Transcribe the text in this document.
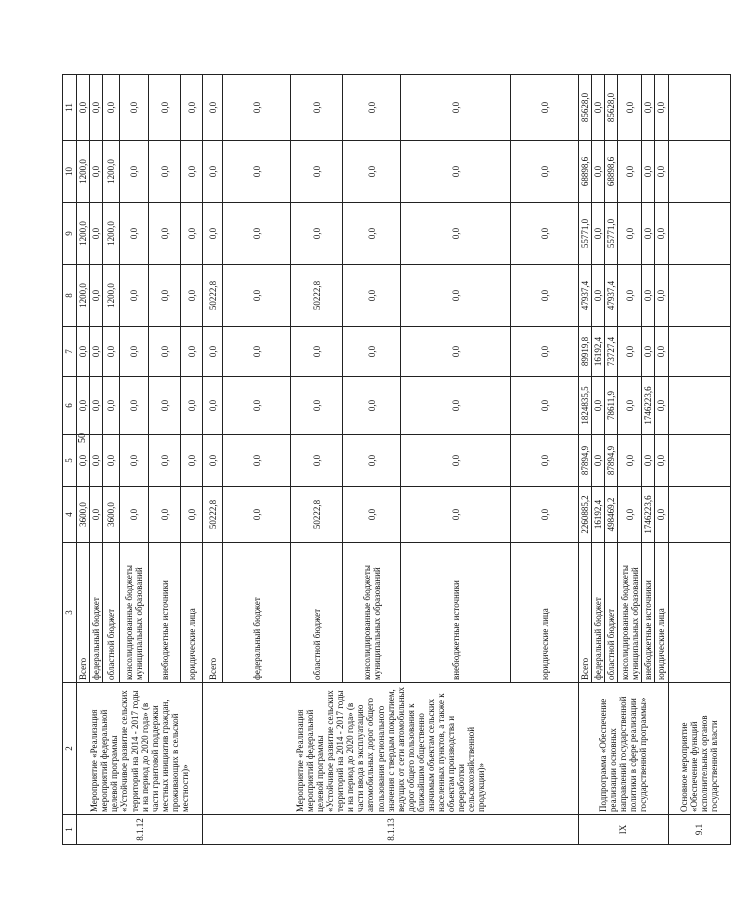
50
1	2	3	4	5	6	7	8	9	10	11
8.1.12	Мероприятие «Реализация мероприятий федеральной целевой программы «Устойчивое развитие сельских территорий на 2014 - 2017 годы и на период до 2020 года» (в части грантовой поддержки местных инициатив граждан, проживающих в сельской местности)»	Всего	3600,0	0,0	0,0	0,0	1200,0	1200,0	1200,0	0,0
		федеральный бюджет	0,0	0,0	0,0	0,0	0,0	0,0	0,0	0,0
		областной бюджет	3600,0	0,0	0,0	0,0	1200,0	1200,0	1200,0	0,0
		консолидированные бюджеты муниципальных образований	0,0	0,0	0,0	0,0	0,0	0,0	0,0	0,0
		внебюджетные источники	0,0	0,0	0,0	0,0	0,0	0,0	0,0	0,0
		юридические лица	0,0	0,0	0,0	0,0	0,0	0,0	0,0	0,0
8.1.13	Мероприятие «Реализация мероприятий федеральной целевой программы «Устойчивое развитие сельских территорий на 2014 - 2017 годы и на период до 2020 года» (в части ввода в эксплуатацию автомобильных дорог общего пользования регионального значения с твердым покрытием, ведущих от сети автомобильных дорог общего пользования к ближайшим общественно значимым объектам сельских населенных пунктов, а также к объектам производства и переработки сельскохозяйственной продукции)»	Всего	50222,8	0,0	0,0	0,0	50222,8	0,0	0,0	0,0
		федеральный бюджет	0,0	0,0	0,0	0,0	0,0	0,0	0,0	0,0
		областной бюджет	50222,8	0,0	0,0	0,0	50222,8	0,0	0,0	0,0
		консолидированные бюджеты муниципальных образований	0,0	0,0	0,0	0,0	0,0	0,0	0,0	0,0
		внебюджетные источники	0,0	0,0	0,0	0,0	0,0	0,0	0,0	0,0
		юридические лица	0,0	0,0	0,0	0,0	0,0	0,0	0,0	0,0
IX	Подпрограмма «Обеспечение реализации основных направлений государственной политики в сфере реализации государственной программы»	Всего	2260885,2	87894,9	1824835,5	89919,8	47937,4	55771,0	68898,6	85628,0
		федеральный бюджет	16192,4	0,0	0,0	16192,4	0,0	0,0	0,0	0,0
		областной бюджет	498469,2	87894,9	78611,9	73727,4	47937,4	55771,0	68898,6	85628,0
		консолидированные бюджеты муниципальных образований	0,0	0,0	0,0	0,0	0,0	0,0	0,0	0,0
		внебюджетные источники	1746223,6	0,0	1746223,6	0,0	0,0	0,0	0,0	0,0
		юридические лица	0,0	0,0	0,0	0,0	0,0	0,0	0,0	0,0
9.1	Основное мероприятие «Обеспечение функций исполнительных органов государственной власти									
